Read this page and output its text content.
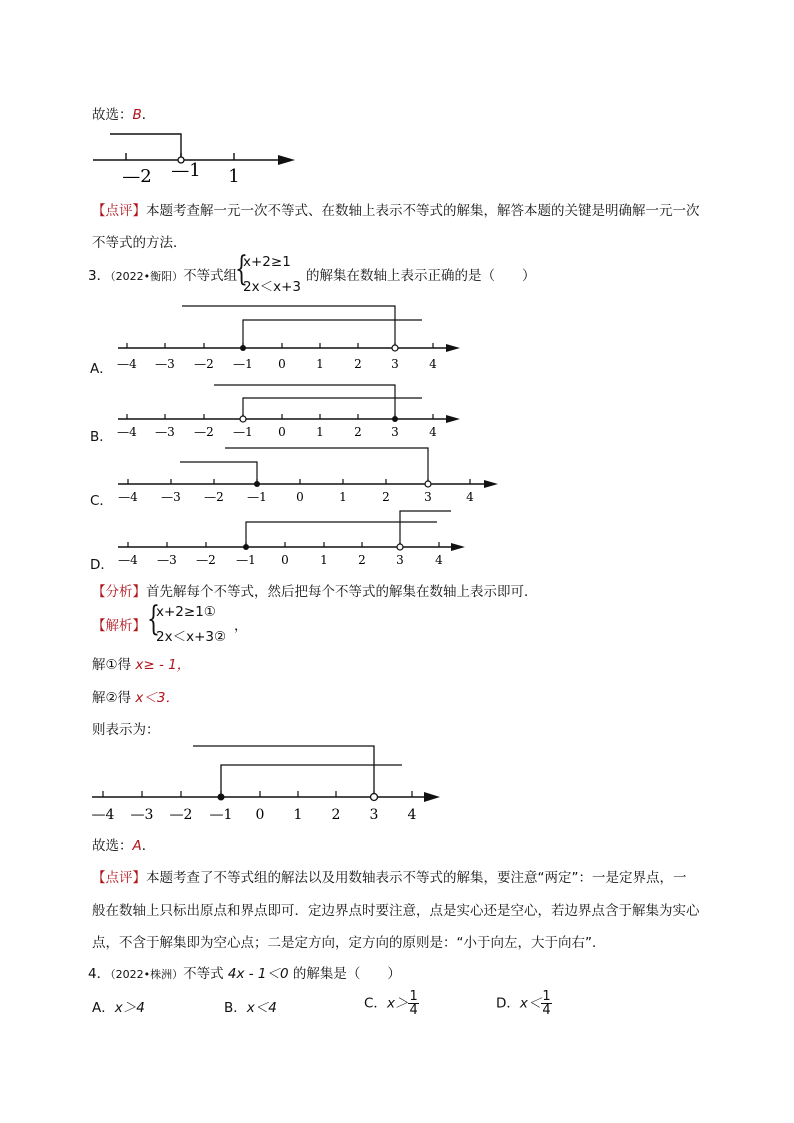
故选：B．
—2 —1 1
【点评】本题考查解一元一次不等式、在数轴上表示不等式的解集，解答本题的关键是明确解一元一次
不等式的方法．
3．（2022•衡阳）不等式组
{
x+2≥1
2x＜x+3
的解集在数轴上表示正确的是（　　）
A． —4 —3 —2 —1 0	1	2 3	4
B． —4 —3 —2 —1 0	1	2 3	4
C． —4 —3 —2 —1 0	1	2	3	4
D． —4 —3 —2 —1 0	1	2	3	4
【分析】首先解每个不等式，然后把每个不等式的解集在数轴上表示即可．
【解析】 {
x+2≥1①
2x＜x+3②
，
解①得 x≥ - 1，
解②得 x＜3．
则表示为：
—4 —3 —2 —1 0 1 2 3 4
故选：A．
【点评】本题考查了不等式组的解法以及用数轴表示不等式的解集，要注意“两定”：一是定界点，一
般在数轴上只标出原点和界点即可．定边界点时要注意，点是实心还是空心，若边界点含于解集为实心
点，不含于解集即为空心点；二是定方向，定方向的原则是：“小于向左，大于向右”．
4．（2022•株洲）不等式 4x - 1＜0 的解集是（　　）
A．x＞4	B．x＜4	C．$x> \frac{1}{4}$	D．$x< \frac{1}{4}$
